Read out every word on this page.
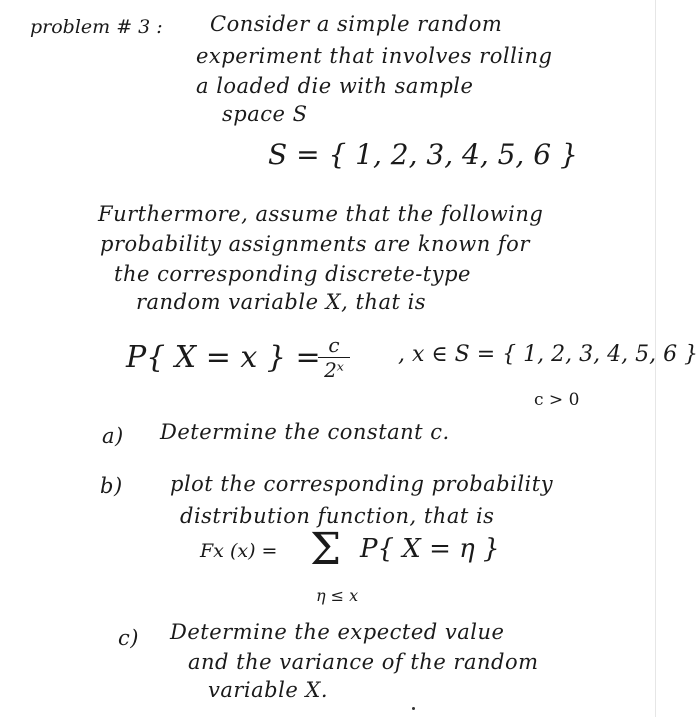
problem # 3 : Consider a simple random
experiment that involves rolling
a loaded die with sample
space S
S = { 1, 2, 3, 4, 5, 6 }
Furthermore, assume that the following
probability assignments are known for
the corresponding discrete-type
random variable X, that is
P{ X = x } = c
2ˣ
, x ∈ S = { 1, 2, 3, 4, 5, 6 }
c > 0
a) Determine the constant c.
b) plot the corresponding probability
distribution function, that is
Fx (x) = Σ P{ X = η }
η ≤ x
c) Determine the expected value
and the variance of the random
variable X.
